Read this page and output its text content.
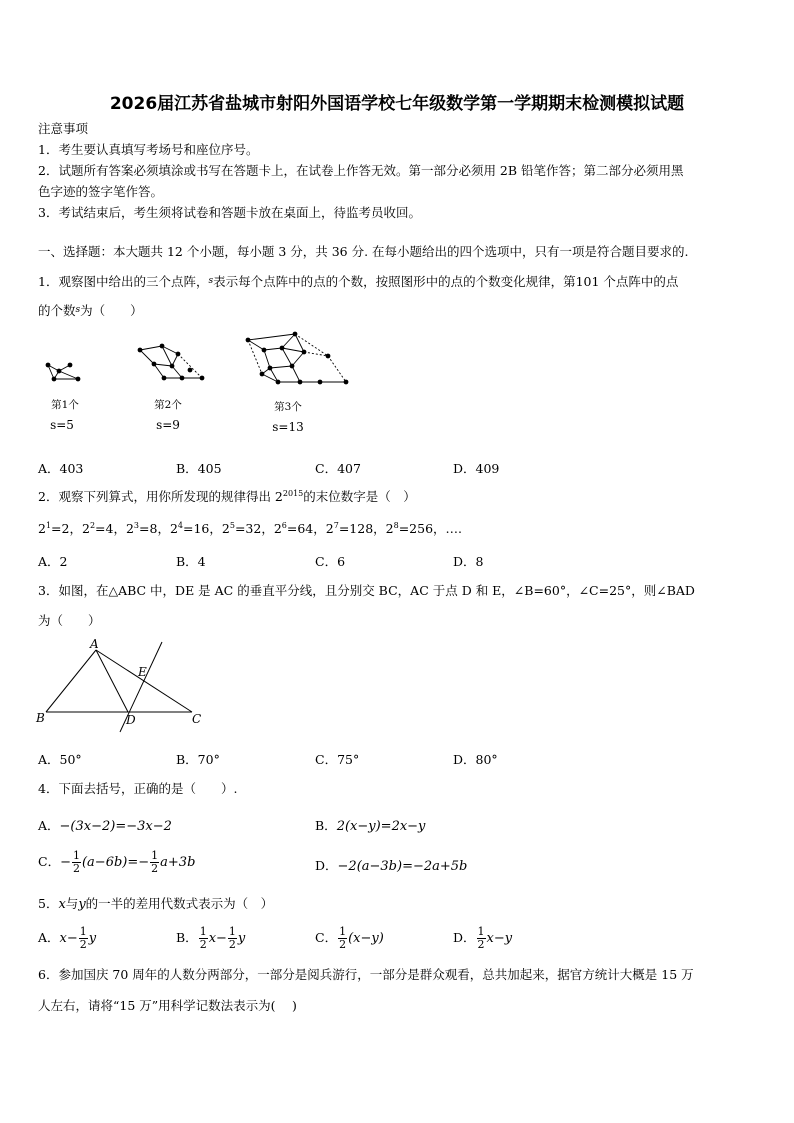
2026届江苏省盐城市射阳外国语学校七年级数学第一学期期末检测模拟试题
注意事项
1．考生要认真填写考场号和座位序号。
2．试题所有答案必须填涂或书写在答题卡上，在试卷上作答无效。第一部分必须用 2B 铅笔作答；第二部分必须用黑
色字迹的签字笔作答。
3．考试结束后，考生须将试卷和答题卡放在桌面上，待监考员收回。
一、选择题：本大题共 12 个小题，每小题 3 分，共 36 分. 在每小题给出的四个选项中，只有一项是符合题目要求的.
1．观察图中给出的三个点阵，$^s$表示每个点阵中的点的个数，按照图形中的点的个数变化规律，第101 个点阵中的点
的个数$^s$为（　　）
第1个	第2个	第3个
s=5	s=9	s=13
A．403	B．405	C．407	D．409
2．观察下列算式，用你所发现的规律得出 $2^{2015}$的末位数字是（　）
$2^1=2$，$2^2=4$，$2^3=8$，$2^4=16$，$2^5=32$，$2^6=64$，$2^7=128$，$2^8=256$，….
A．2	B．4	C．6	D．8
3．如图，在△ABC 中，DE 是 AC 的垂直平分线，且分别交 BC，AC 于点 D 和 E，∠B=60°，∠C=25°，则∠BAD
为（　　）
A
B	C
D
E
A．50°	B．70°	C．75°	D．80°
4．下面去括号，正确的是（　　）.
A．−(3x−2)=−3x−2	B．2(x−y)=2x−y
C．− $\frac{1}{2} (a-6b)=- \frac{1}{2} a+3b$	D．−2(a−3b)=−2a+5b
5．x与y的一半的差用代数式表示为（　）
A．$x- \frac{1}{2}$ y	B． $\frac{1}{2} x- \frac{1}{2}$ y	C． $\frac{1}{2} (x-y)$	D． $\frac{1}{2} x-y$
6．参加国庆 70 周年的人数分两部分，一部分是阅兵游行，一部分是群众观看，总共加起来，据官方统计大概是 15 万
人左右，请将“15 万”用科学记数法表示为(　 )
